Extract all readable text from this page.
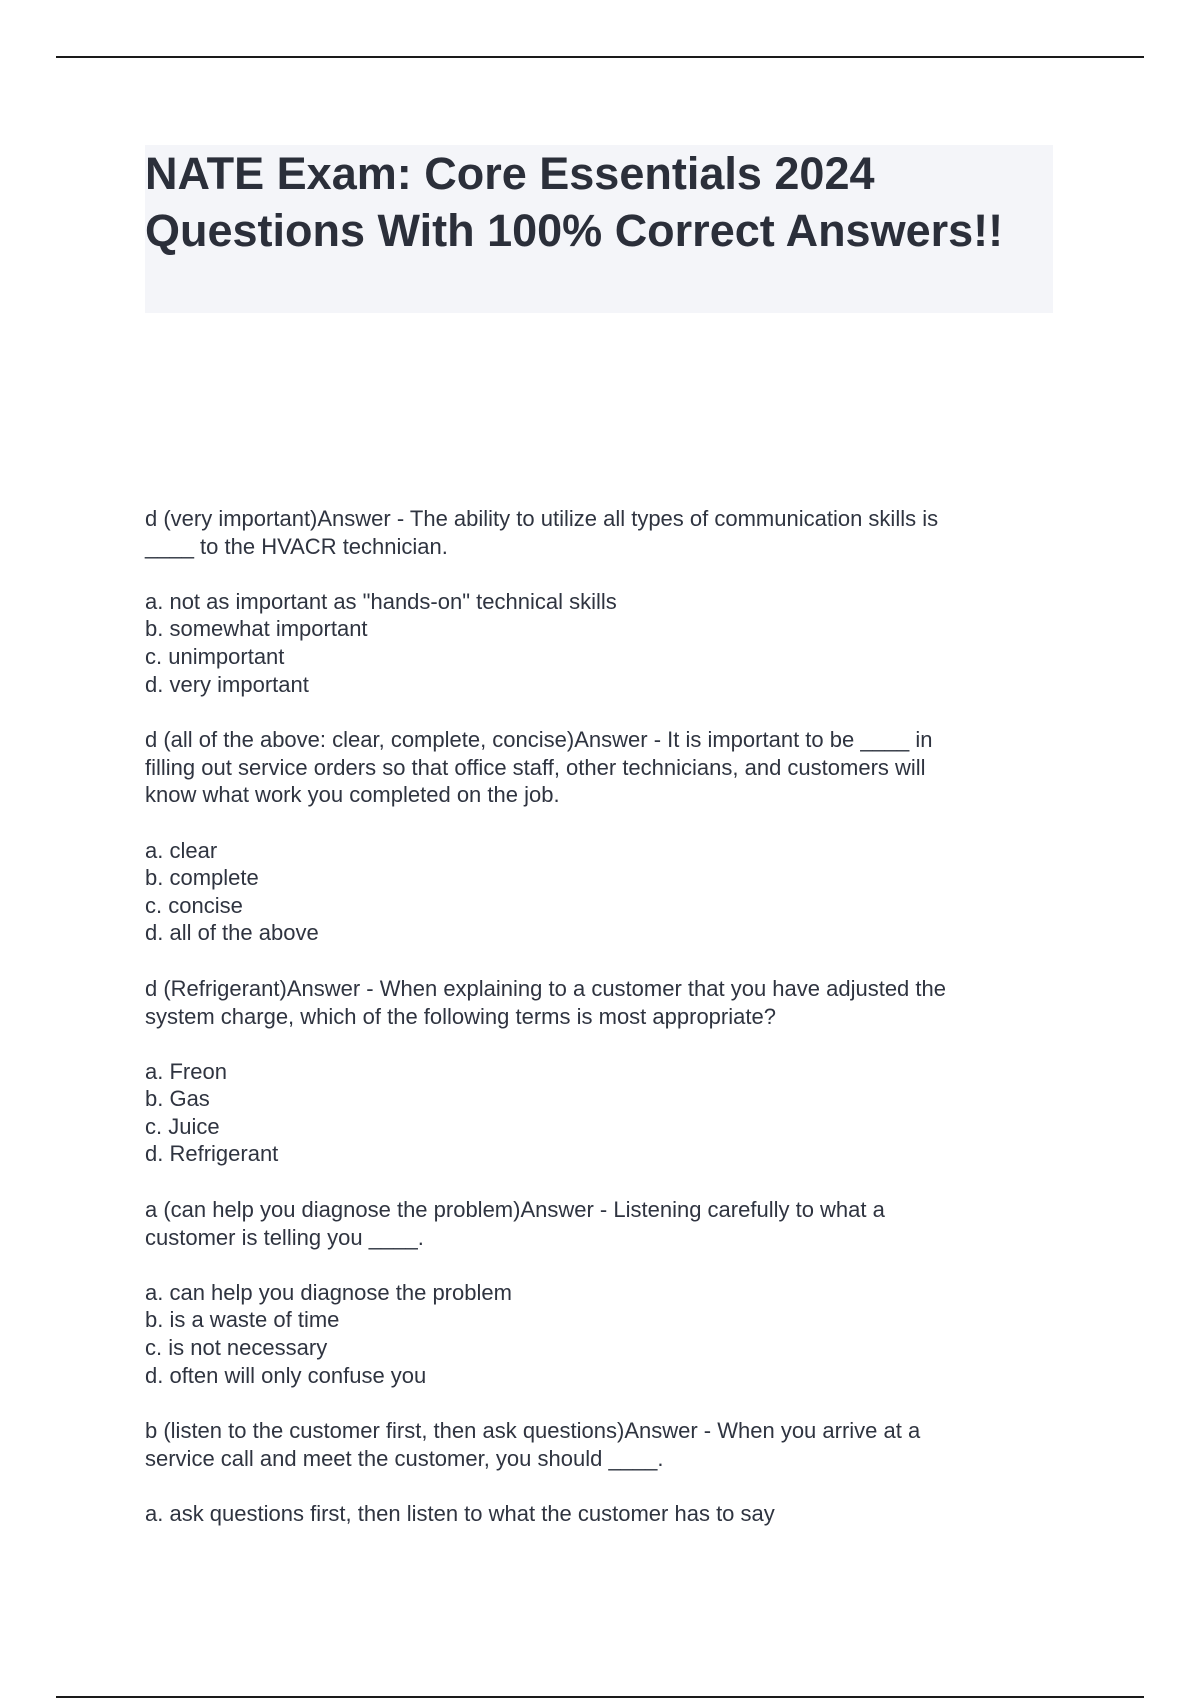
NATE Exam: Core Essentials 2024 Questions With 100% Correct Answers!!

d (very important)Answer - The ability to utilize all types of communication skills is
____ to the HVACR technician.

a. not as important as "hands-on" technical skills

b. somewhat important

c. unimportant

d. very important

d (all of the above: clear, complete, concise)Answer - It is important to be ____ in
filling out service orders so that office staff, other technicians, and customers will
know what work you completed on the job.

a. clear

b. complete

c. concise

d. all of the above

d (Refrigerant)Answer - When explaining to a customer that you have adjusted the
system charge, which of the following terms is most appropriate?

a. Freon

b. Gas

c. Juice

d. Refrigerant

a (can help you diagnose the problem)Answer - Listening carefully to what a
customer is telling you ____.

a. can help you diagnose the problem

b. is a waste of time

c. is not necessary

d. often will only confuse you

b (listen to the customer first, then ask questions)Answer - When you arrive at a
service call and meet the customer, you should ____.

a. ask questions first, then listen to what the customer has to say
